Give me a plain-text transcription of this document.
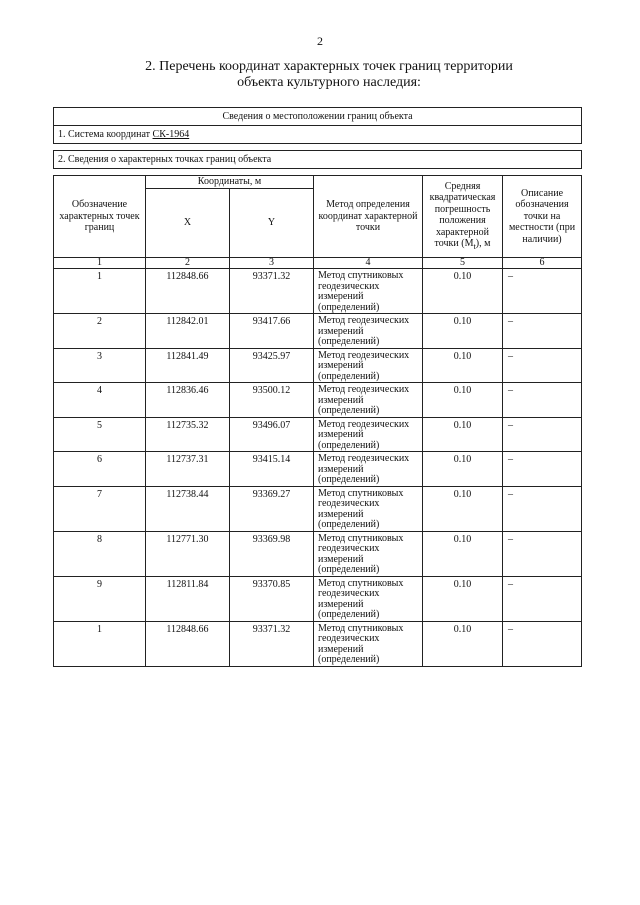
2
2. Перечень координат характерных точек границ территории
объекта культурного наследия:
Сведения о местоположении границ объекта					
1. Система координат СК-1964					

2. Сведения о характерных точках границ объекта					

Обозначение характерных точек границ	Координаты, м		Метод определения координат характерной точки	Средняя квадратическая погрешность положения характерной точки $(M_t)$, м	Описание обозначения точки на местности (при наличии)
	X	Y			
1	2	3	4	5	6
1	112848.66	93371.32	Метод спутниковых геодезических измерений (определений)	0.10	–
2	112842.01	93417.66	Метод геодезических измерений (определений)	0.10	–
3	112841.49	93425.97	Метод геодезических измерений (определений)	0.10	–
4	112836.46	93500.12	Метод геодезических измерений (определений)	0.10	–
5	112735.32	93496.07	Метод геодезических измерений (определений)	0.10	–
6	112737.31	93415.14	Метод геодезических измерений (определений)	0.10	–
7	112738.44	93369.27	Метод спутниковых геодезических измерений (определений)	0.10	–
8	112771.30	93369.98	Метод спутниковых геодезических измерений (определений)	0.10	–
9	112811.84	93370.85	Метод спутниковых геодезических измерений (определений)	0.10	–
1	112848.66	93371.32	Метод спутниковых геодезических измерений (определений)	0.10	–
